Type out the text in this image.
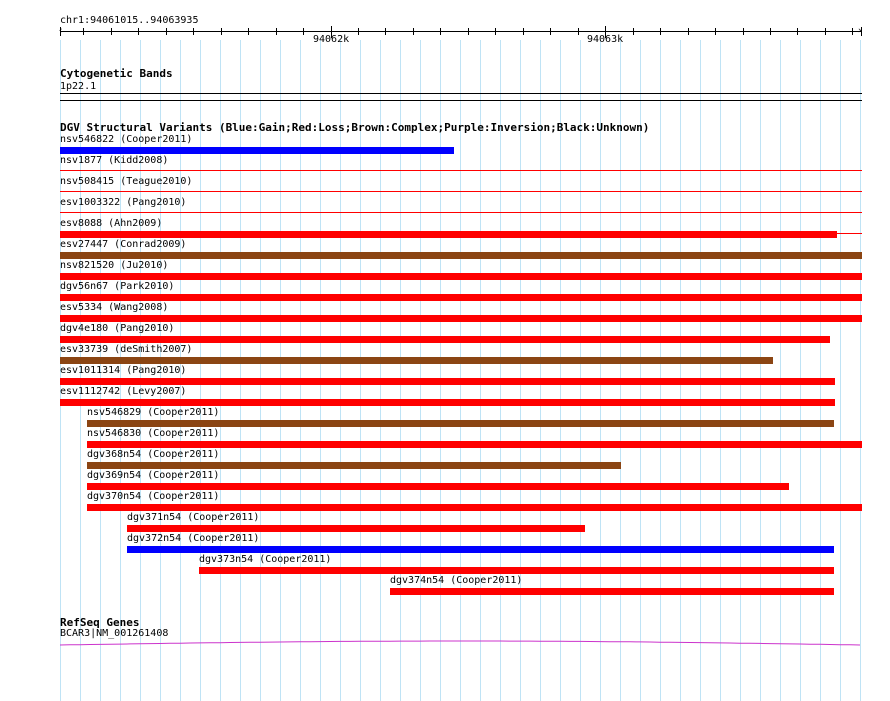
chr1:94061015..94063935
94062k	94063k
‹	›
Cytogenetic Bands
1p22.1
DGV Structural Variants (Blue:Gain;Red:Loss;Brown:Complex;Purple:Inversion;Black:Unknown)
nsv546822 (Cooper2011)
nsv1877 (Kidd2008)
nsv508415 (Teague2010)
esv1003322 (Pang2010)
esv8088 (Ahn2009)
esv27447 (Conrad2009)
nsv821520 (Ju2010)
dgv56n67 (Park2010)
esv5334 (Wang2008)
dgv4e180 (Pang2010)
esv33739 (deSmith2007)
esv1011314 (Pang2010)
esv1112742 (Levy2007)
nsv546829 (Cooper2011)
nsv546830 (Cooper2011)
dgv368n54 (Cooper2011)
dgv369n54 (Cooper2011)
dgv370n54 (Cooper2011)
dgv371n54 (Cooper2011)
dgv372n54 (Cooper2011)
dgv373n54 (Cooper2011)
dgv374n54 (Cooper2011)
RefSeq Genes
BCAR3|NM_001261408
